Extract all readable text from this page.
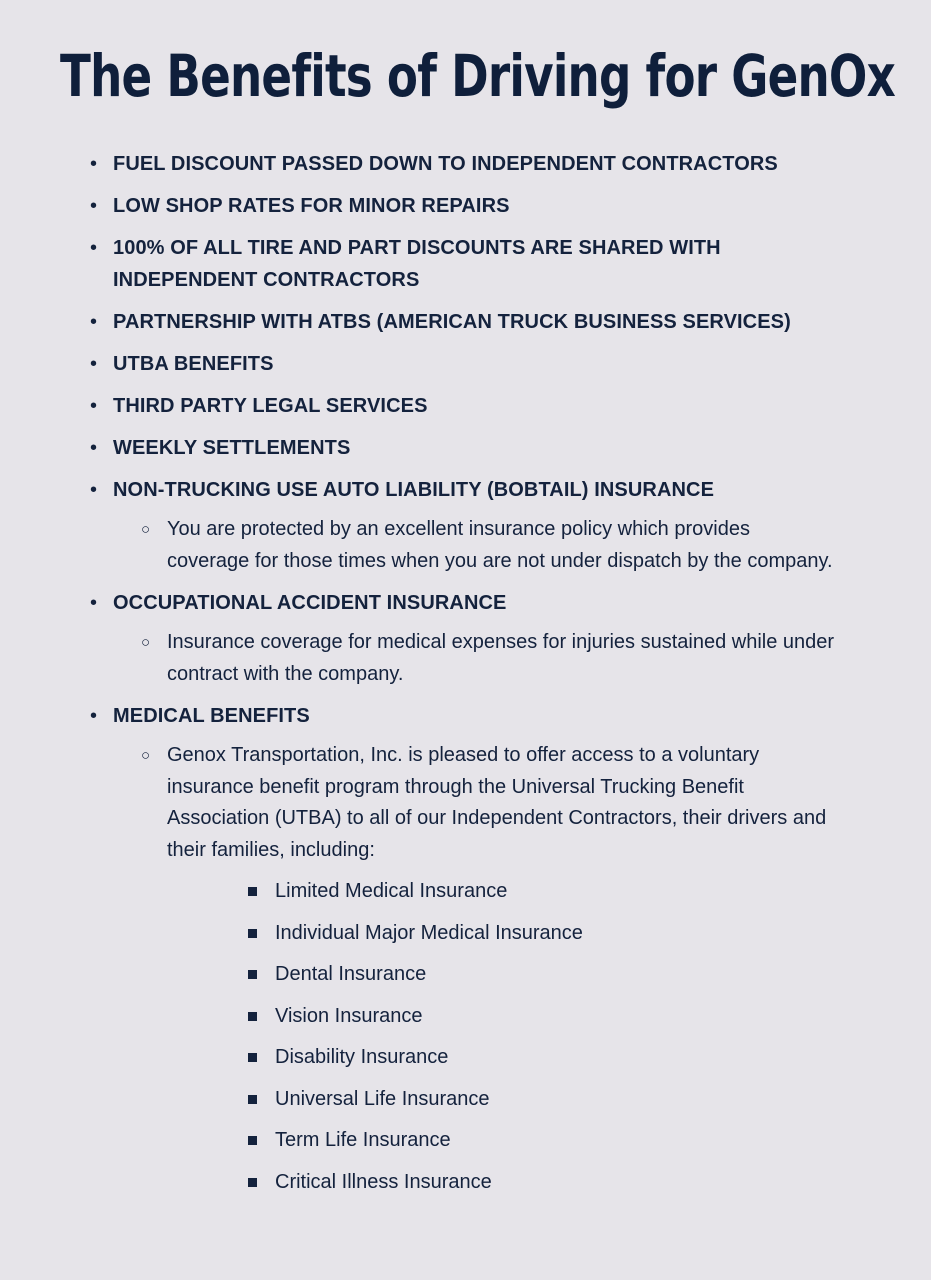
The Benefits of Driving for GenOx
• FUEL DISCOUNT PASSED DOWN TO INDEPENDENT CONTRACTORS
• LOW SHOP RATES FOR MINOR REPAIRS
• 100% OF ALL TIRE AND PART DISCOUNTS ARE SHARED WITH INDEPENDENT CONTRACTORS
• PARTNERSHIP WITH ATBS (AMERICAN TRUCK BUSINESS SERVICES)
• UTBA BENEFITS
• THIRD PARTY LEGAL SERVICES
• WEEKLY SETTLEMENTS
• NON-TRUCKING USE AUTO LIABILITY (BOBTAIL) INSURANCE
○ You are protected by an excellent insurance policy which provides coverage for those times when you are not under dispatch by the company.
• OCCUPATIONAL ACCIDENT INSURANCE
○ Insurance coverage for medical expenses for injuries sustained while under contract with the company.
• MEDICAL BENEFITS
○ Genox Transportation, Inc. is pleased to offer access to a voluntary insurance benefit program through the Universal Trucking Benefit Association (UTBA) to all of our Independent Contractors, their drivers and their families, including:
Limited Medical Insurance
Individual Major Medical Insurance
Dental Insurance
Vision Insurance
Disability Insurance
Universal Life Insurance
Term Life Insurance
Critical Illness Insurance
